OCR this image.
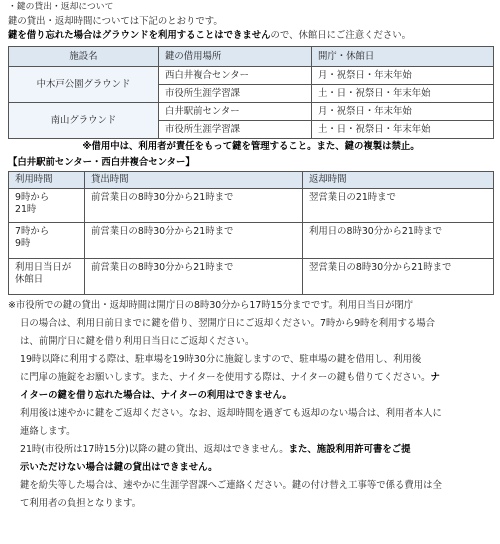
・鍵の貸出・返却について
鍵の貸出・返却時間については下記のとおりです。
鍵を借り忘れた場合はグラウンドを利用することはできませんので、休館日にご注意ください。
施設名	鍵の借用場所	開庁・休館日
中木戸公園グラウンド	西白井複合センター	月・祝祭日・年末年始
	市役所生涯学習課	土・日・祝祭日・年末年始
南山グラウンド	白井駅前センター	月・祝祭日・年末年始
	市役所生涯学習課	土・日・祝祭日・年末年始
※借用中は、利用者が責任をもって鍵を管理すること。また、鍵の複製は禁止。
【白井駅前センター・西白井複合センター】
利用時間	貸出時間	返却時間

9時から
21時	前営業日の8時30分から21時まで	翌営業日の21時まで

7時から
9時	前営業日の8時30分から21時まで	利用日の8時30分から21時まで

利用日当日が
休館日	前営業日の8時30分から21時まで	翌営業日の8時30分から21時まで
※市役所での鍵の貸出・返却時間は開庁日の8時30分から17時15分までです。利用日当日が閉庁
日の場合は、利用日前日までに鍵を借り、翌開庁日にご返却ください。7時から9時を利用する場合
は、前開庁日に鍵を借り利用日当日にご返却ください。
19時以降に利用する際は、駐車場を19時30分に施錠しますので、駐車場の鍵を借用し、利用後
に門扉の施錠をお願いします。また、ナイターを使用する際は、ナイターの鍵も借りてください。ナ
イターの鍵を借り忘れた場合は、ナイターの利用はできません。
利用後は速やかに鍵をご返却ください。なお、返却時間を過ぎても返却のない場合は、利用者本人に
連絡します。
21時(市役所は17時15分)以降の鍵の貸出、返却はできません。また、施設利用許可書をご提
示いただけない場合は鍵の貸出はできません。
鍵を紛失等した場合は、速やかに生涯学習課へご連絡ください。鍵の付け替え工事等で係る費用は全
て利用者の負担となります。
